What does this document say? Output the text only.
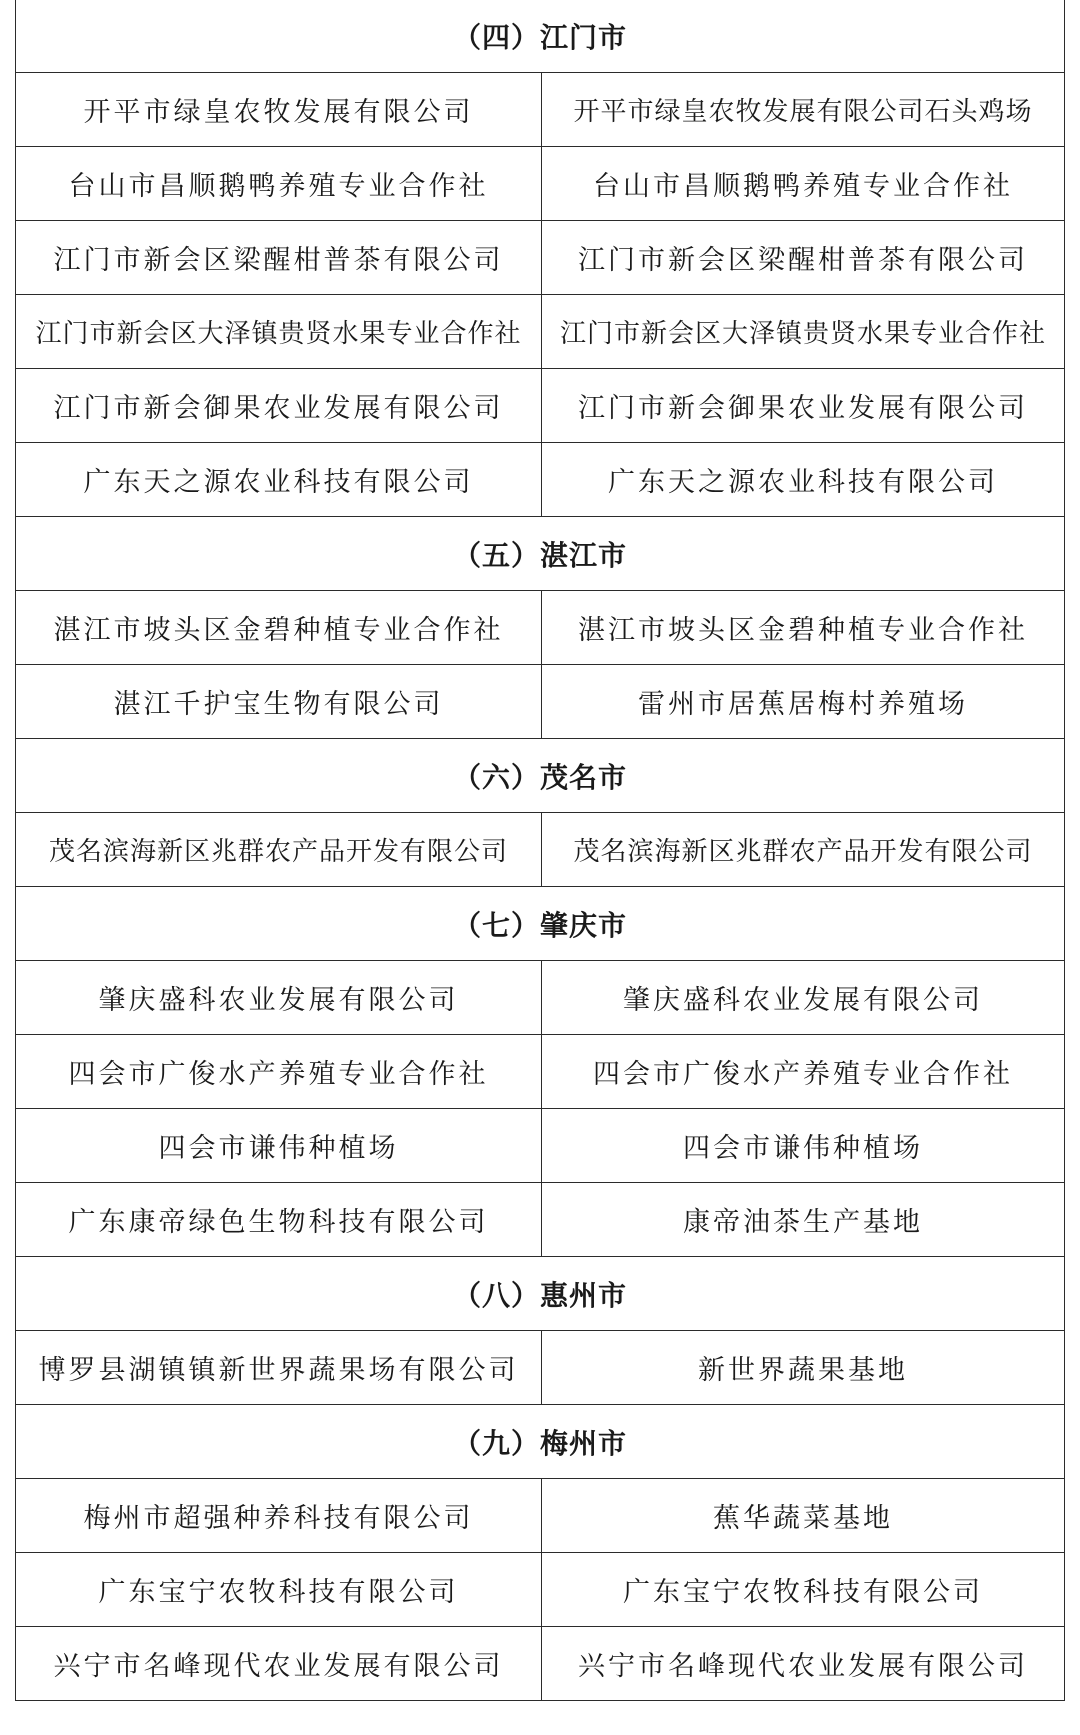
（四）江门市	
开平市绿皇农牧发展有限公司	开平市绿皇农牧发展有限公司石头鸡场
台山市昌顺鹅鸭养殖专业合作社	台山市昌顺鹅鸭养殖专业合作社
江门市新会区梁醒柑普茶有限公司	江门市新会区梁醒柑普茶有限公司
江门市新会区大泽镇贵贤水果专业合作社	江门市新会区大泽镇贵贤水果专业合作社
江门市新会御果农业发展有限公司	江门市新会御果农业发展有限公司
广东天之源农业科技有限公司	广东天之源农业科技有限公司
（五）湛江市	
湛江市坡头区金碧种植专业合作社	湛江市坡头区金碧种植专业合作社
湛江千护宝生物有限公司	雷州市居蕉居梅村养殖场
（六）茂名市	
茂名滨海新区兆群农产品开发有限公司	茂名滨海新区兆群农产品开发有限公司
（七）肇庆市	
肇庆盛科农业发展有限公司	肇庆盛科农业发展有限公司
四会市广俊水产养殖专业合作社	四会市广俊水产养殖专业合作社
四会市谦伟种植场	四会市谦伟种植场
广东康帝绿色生物科技有限公司	康帝油茶生产基地
（八）惠州市	
博罗县湖镇镇新世界蔬果场有限公司	新世界蔬果基地
（九）梅州市	
梅州市超强种养科技有限公司	蕉华蔬菜基地
广东宝宁农牧科技有限公司	广东宝宁农牧科技有限公司
兴宁市名峰现代农业发展有限公司	兴宁市名峰现代农业发展有限公司
